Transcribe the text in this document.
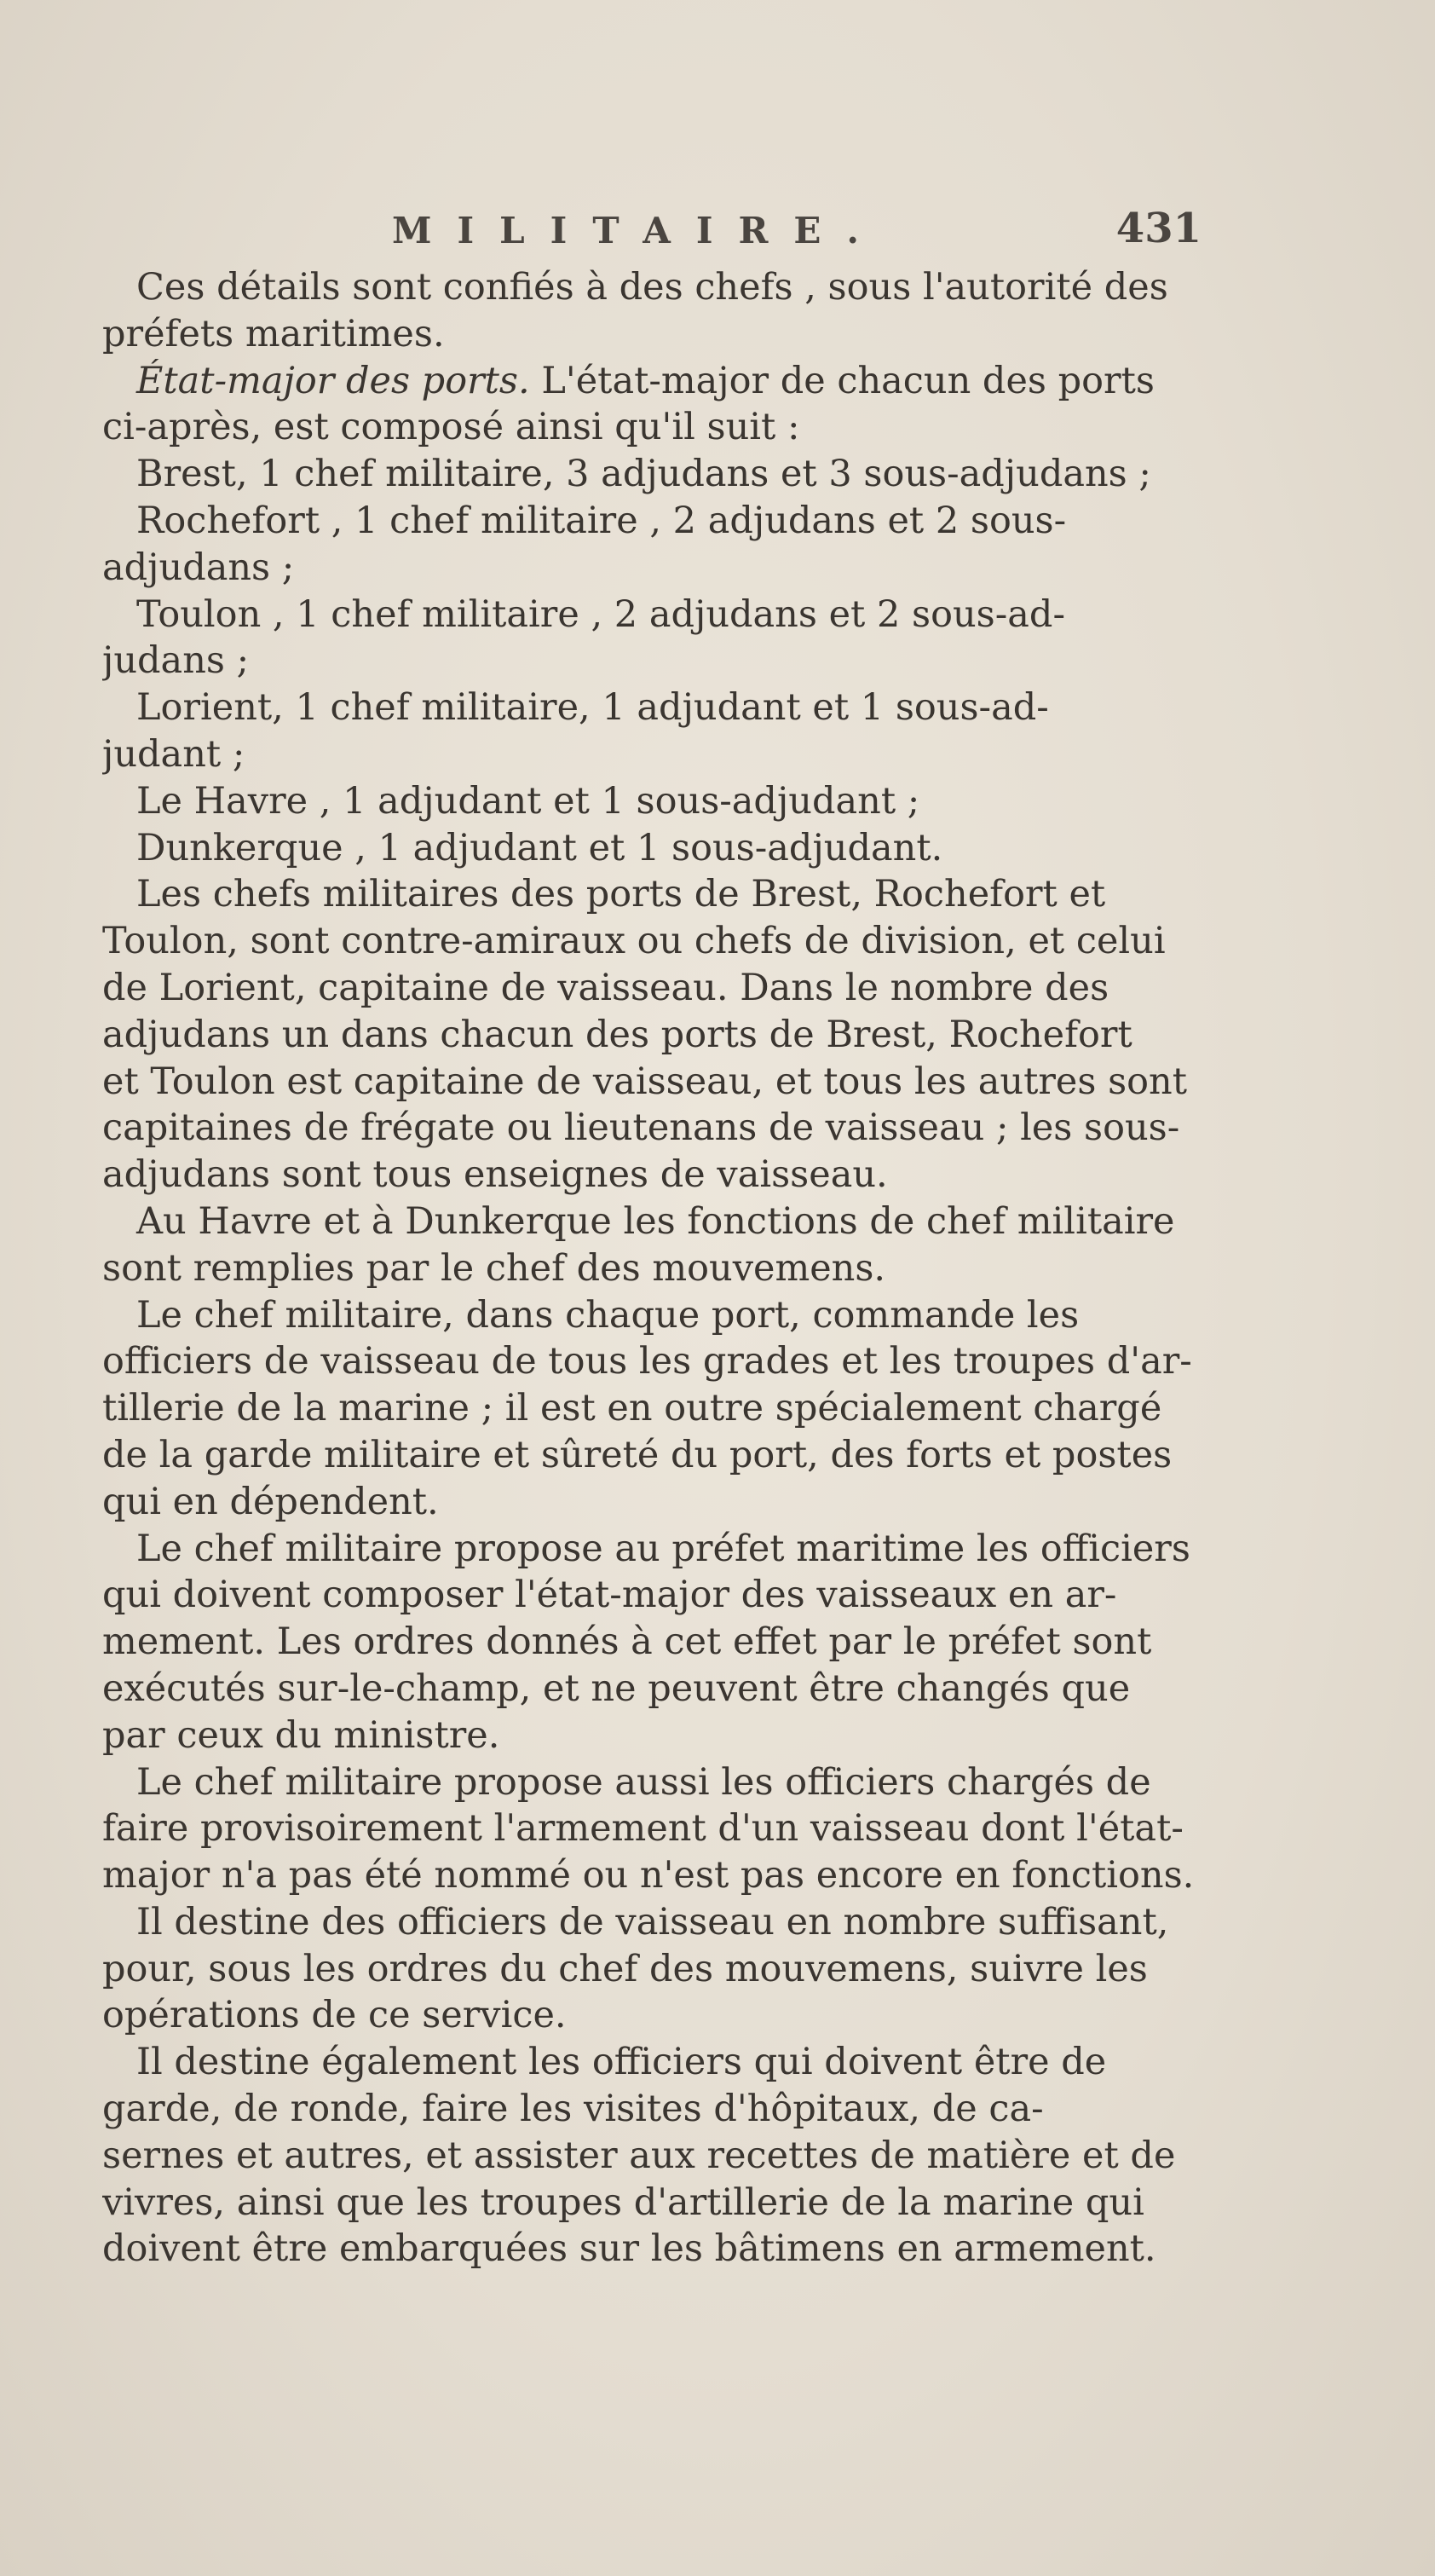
MILITAIRE.	431
Ces détails sont confiés à des chefs , sous l'autorité des
préfets maritimes.
État-major des ports. L'état-major de chacun des ports
ci-après, est composé ainsi qu'il suit :
Brest, 1 chef militaire, 3 adjudans et 3 sous-adjudans ;
Rochefort , 1 chef militaire , 2 adjudans et 2 sous-
adjudans ;
Toulon , 1 chef militaire , 2 adjudans et 2 sous-ad-
judans ;
Lorient, 1 chef militaire, 1 adjudant et 1 sous-ad-
judant ;
Le Havre , 1 adjudant et 1 sous-adjudant ;
Dunkerque , 1 adjudant et 1 sous-adjudant.
Les chefs militaires des ports de Brest, Rochefort et
Toulon, sont contre-amiraux ou chefs de division, et celui
de Lorient, capitaine de vaisseau. Dans le nombre des
adjudans un dans chacun des ports de Brest, Rochefort
et Toulon est capitaine de vaisseau, et tous les autres sont
capitaines de frégate ou lieutenans de vaisseau ; les sous-
adjudans sont tous enseignes de vaisseau.
Au Havre et à Dunkerque les fonctions de chef militaire
sont remplies par le chef des mouvemens.
Le chef militaire, dans chaque port, commande les
officiers de vaisseau de tous les grades et les troupes d'ar-
tillerie de la marine ; il est en outre spécialement chargé
de la garde militaire et sûreté du port, des forts et postes
qui en dépendent.
Le chef militaire propose au préfet maritime les officiers
qui doivent composer l'état-major des vaisseaux en ar-
mement. Les ordres donnés à cet effet par le préfet sont
exécutés sur-le-champ, et ne peuvent être changés que
par ceux du ministre.
Le chef militaire propose aussi les officiers chargés de
faire provisoirement l'armement d'un vaisseau dont l'état-
major n'a pas été nommé ou n'est pas encore en fonctions.
Il destine des officiers de vaisseau en nombre suffisant,
pour, sous les ordres du chef des mouvemens, suivre les
opérations de ce service.
Il destine également les officiers qui doivent être de
garde, de ronde, faire les visites d'hôpitaux, de ca-
sernes et autres, et assister aux recettes de matière et de
vivres, ainsi que les troupes d'artillerie de la marine qui
doivent être embarquées sur les bâtimens en armement.
